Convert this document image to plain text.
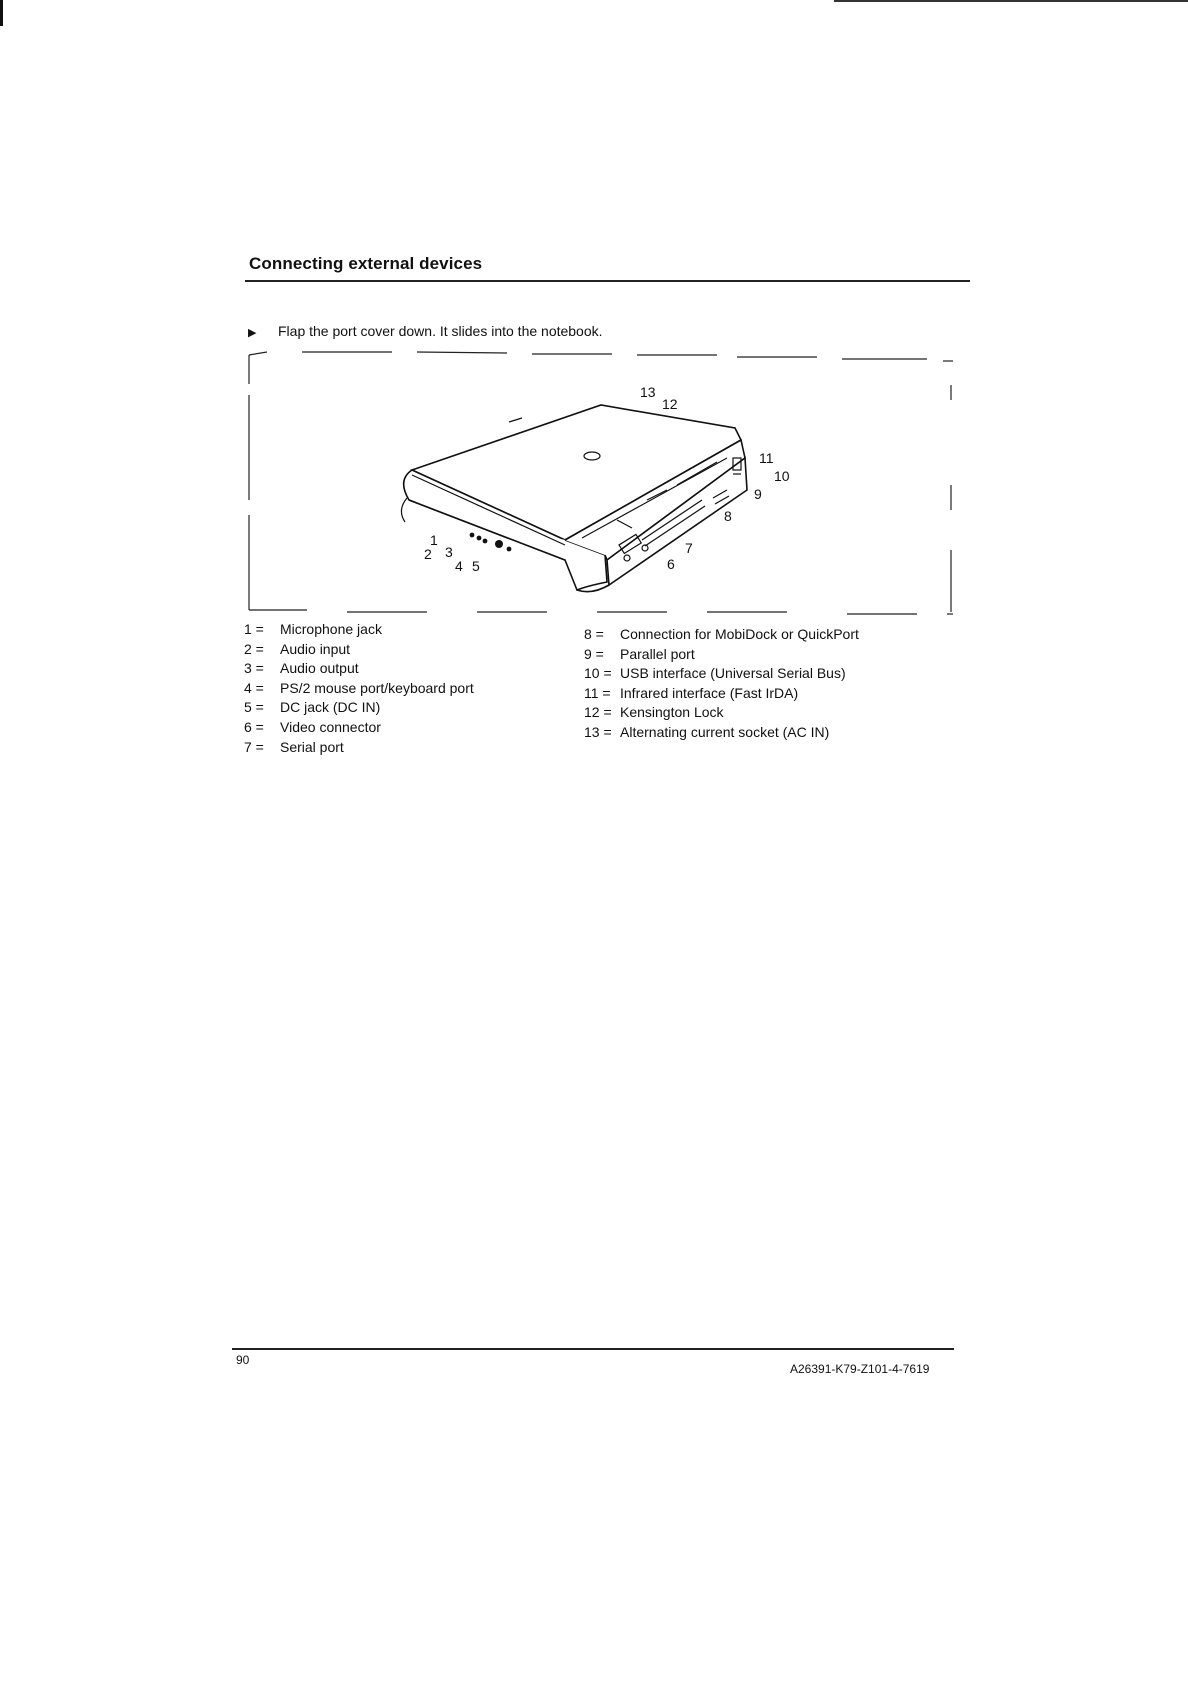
Connecting external devices
▶ Flap the port cover down. It slides into the notebook.
13
12
11
10
9
8
7
6
1
2 3
4 5
1 = Microphone jack
2 = Audio input
3 = Audio output
4 = PS/2 mouse port/keyboard port
5 = DC jack (DC IN)
6 = Video connector
7 = Serial port
8 = Connection for MobiDock or QuickPort
9 = Parallel port
10 = USB interface (Universal Serial Bus)
11 = Infrared interface (Fast IrDA)
12 = Kensington Lock
13 = Alternating current socket (AC IN)
90
A26391-K79-Z101-4-7619
